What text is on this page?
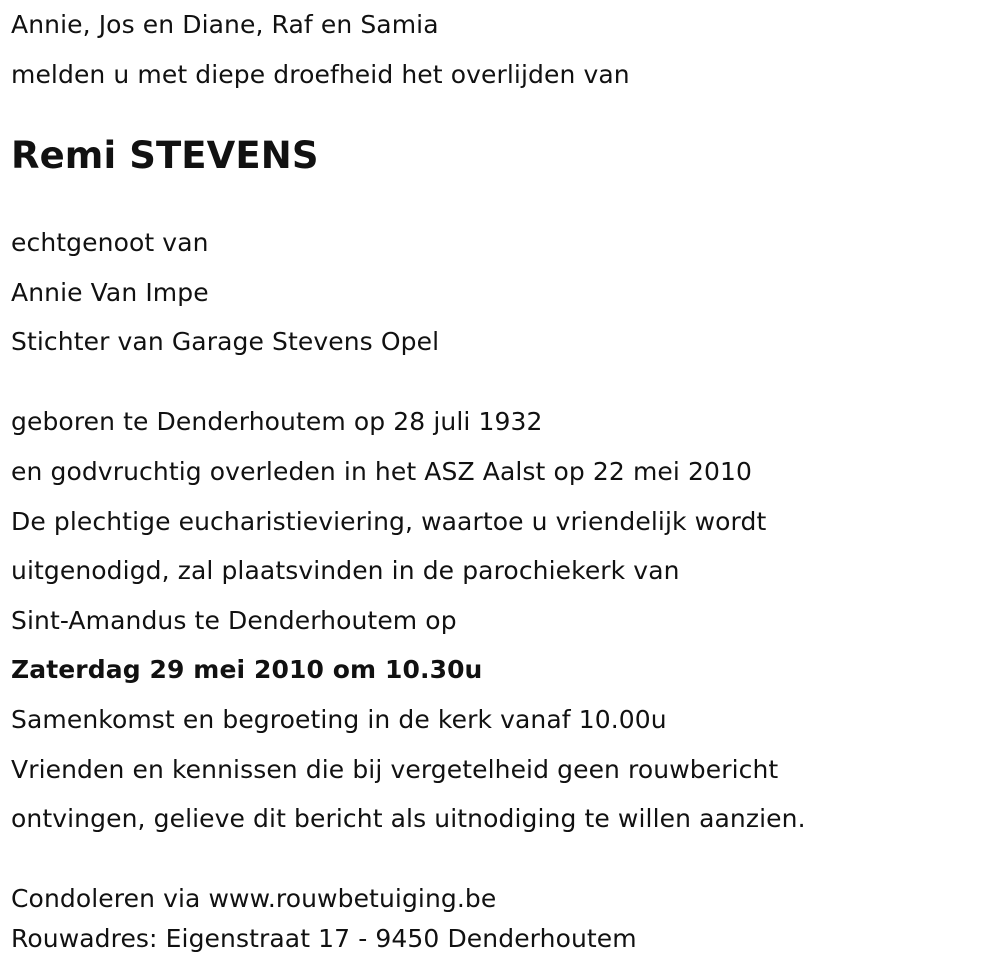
Annie, Jos en Diane, Raf en Samia

melden u met diepe droefheid het overlijden van

Remi STEVENS

echtgenoot van

Annie Van Impe

Stichter van Garage Stevens Opel

geboren te Denderhoutem op 28 juli 1932

en godvruchtig overleden in het ASZ Aalst op 22 mei 2010

De plechtige eucharistieviering, waartoe u vriendelijk wordt

uitgenodigd, zal plaatsvinden in de parochiekerk van

Sint-Amandus te Denderhoutem op

Zaterdag 29 mei 2010 om 10.30u

Samenkomst en begroeting in de kerk vanaf 10.00u

Vrienden en kennissen die bij vergetelheid geen rouwbericht

ontvingen, gelieve dit bericht als uitnodiging te willen aanzien.

Condoleren via www.rouwbetuiging.be

Rouwadres: Eigenstraat 17 - 9450 Denderhoutem
